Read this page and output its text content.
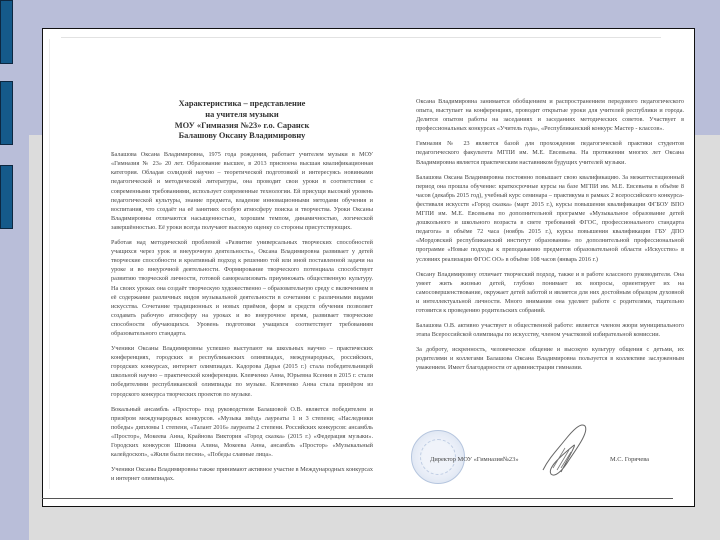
Характеристика – представление
на учителя музыки
МОУ «Гимназия №23» г.о. Саранск
Балашову Оксану Владимировну

Балашова Оксана Владимировна, 1975 года рождения, работает учителем музыки в МОУ «Гимназия № 23» 20 лет. Образование высшее, в 2013 присвоена высшая квалификационная категория. Обладая солидной научно – теоретической подготовкой и интересуясь новинками педагогической и методической литературы, она проводит свои уроки в соответствии с современными требованиями, использует современные технологии. Ей присущи высокий уровень педагогической культуры, знание предмета, владение инновационными методами обучения и воспитания, что создаёт на её занятиях особую атмосферу поиска и творчества. Уроки Оксаны Владимировны отличаются насыщенностью, хорошим темпом, динамичностью, логической завершённостью. Её уроки всегда получают высокую оценку со стороны присутствующих.

Работая над методической проблемой «Развитие универсальных творческих способностей учащихся через урок и внеурочную деятельность», Оксана Владимировна развивает у детей творческие способности и креативный подход к решению той или иной поставленной задачи на уроке и во внеурочной деятельности. Формирование творческого потенциала способствует развитию творческой личности, готовой самореализовать приумножать общественную культуру. На своих уроках она создаёт творческую художественно – образовательную среду с включением в её содержание различных видов музыкальной деятельности в сочетании с различными видами искусства. Сочетание традиционных и новых приёмов, форм и средств обучения позволяет создавать рабочую атмосферу на уроках и во внеурочное время, развивает творческие способности обучающихся. Уровень подготовки учащихся соответствует требованиям образовательного стандарта.

Ученики Оксаны Владимировны успешно выступают на школьных научно – практических конференциях, городских и республиканских олимпиадах, международных, российских, городских конкурсах, интернет олимпиадах. Кадорова Дарья (2015 г.) стала победительницей школьной научно – практической конференции. Клевченко Анна, Юрьевна Ксения в 2015 г. стали победителями республиканской олимпиады по музыке. Клевченко Анна стала призёром из городского конкурса творческих проектов по музыке.

Вокальный ансамбль «Простор» под руководством Балашовой О.В. является победителем и призёром международных конкурсов. «Музыка звёзд» лауреаты 1 и 3 степени; «Наследники победы» дипломы 1 степени, «Талант 2016» лауреаты 2 степени. Российских конкурсов: ансамбль «Простор», Мокеева Анна, Крайнова Виктория «Город сказка» (2015 г.) «Федерация музыки». Городских конкурсов Шикина Алина, Мокеева Анна, ансамбль «Простор» «Музыкальный калейдоскоп», «Жили были песни», «Победы славные лица».

Ученики Оксаны Владимировны также принимают активное участие в Международных конкурсах и интернет олимпиадах.

Оксана Владимировна занимается обобщением и распространением передового педагогического опыта, выступает на конференциях, проводит открытые уроки для учителей республики и города. Делится опытом работы на заседаниях и заседаниях методических советов. Участвует в профессиональных конкурсах «Учитель года», «Республиканский конкурс Мастер - классов».

Гимназия № 23 является базой для прохождения педагогической практики студентов педагогического факультета МГПИ им. М.Е. Евсевьева. На протяжении многих лет Оксана Владимировна является практическим наставником будущих учителей музыки.

Балашова Оксана Владимировна постоянно повышает свою квалификацию. За межаттестационный период она прошла обучение: краткосрочные курсы на базе МГПИ им. М.Е. Евсевьева в объёме 8 часов (декабрь 2015 год), учебный курс семинара – практикума в рамках 2 всероссийского конкурса-фестиваля искусств «Город сказка» (март 2015 г.), курсы повышения квалификации ФГБОУ ВПО МГПИ им. М.Е. Евсевьева по дополнительной программе «Музыкальное образование детей дошкольного и школьного возраста в свете требований ФГОС, профессионального стандарта педагога» в объёме 72 часа (ноябрь 2015 г.), курсы повышения квалификации ГБУ ДПО «Мордовский республиканский институт образования» по дополнительной профессиональной программе «Новые подходы к преподаванию предметов образовательной области «Искусство» в условиях реализации ФГОС ОО» в объёме 108 часов (январь 2016 г.)

Оксану Владимировну отличает творческий подход, также и в работе классного руководителя. Она умеет жить жизнью детей, глубоко понимает их вопросы, ориентирует их на самосовершенствование, окружает детей заботой и является для них достойным образцом духовной и интеллектуальной личности. Много внимания она уделяет работе с родителями, тщательно готовится к проведению родительских собраний.

Балашова О.В. активно участвует в общественной работе: является членом жюри муниципального этапа Всероссийской олимпиады по искусству, членом участковой избирательной комиссии.

За доброту, искренность, человеческое общение и высокую культуру общения с детьми, их родителями и коллегами Балашова Оксана Владимировна пользуется в коллективе заслуженным уважением. Имеет благодарности от администрации гимназии.

Директор МОУ «Гимназия№23»	М.С. Горячева
